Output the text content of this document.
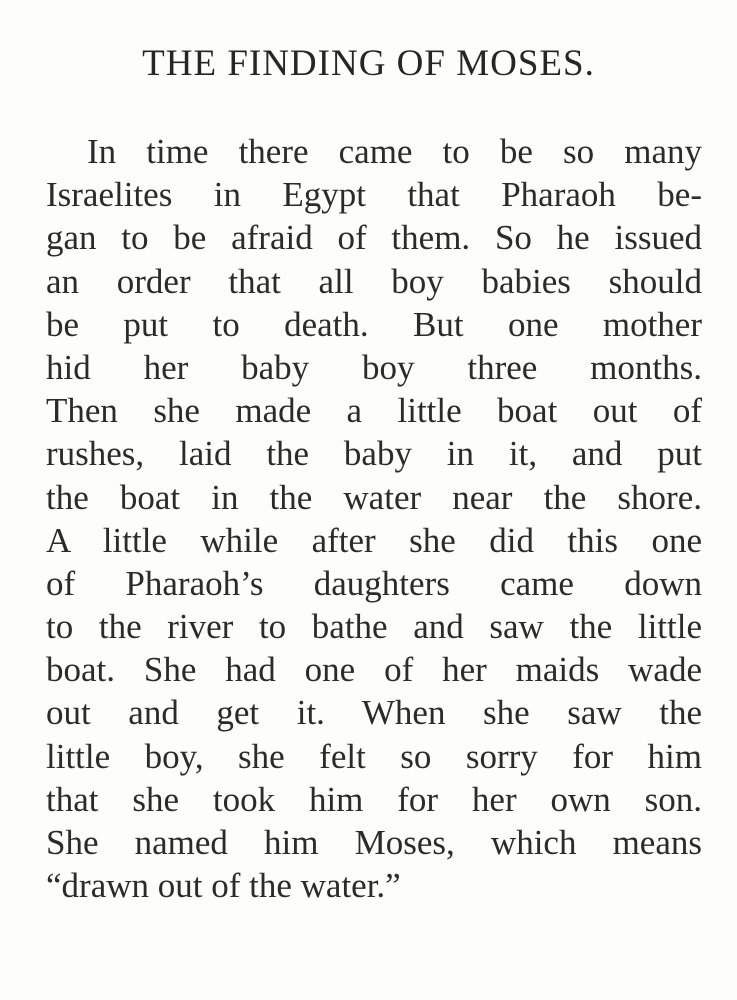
THE FINDING OF MOSES.
In time there came to be so many
Israelites in Egypt that Pharaoh be-
gan to be afraid of them. So he issued
an order that all boy babies should
be put to death. But one mother
hid her baby boy three months.
Then she made a little boat out of
rushes, laid the baby in it, and put
the boat in the water near the shore.
A little while after she did this one
of Pharaoh’s daughters came down
to the river to bathe and saw the little
boat. She had one of her maids wade
out and get it. When she saw the
little boy, she felt so sorry for him
that she took him for her own son.
She named him Moses, which means
“drawn out of the water.”
